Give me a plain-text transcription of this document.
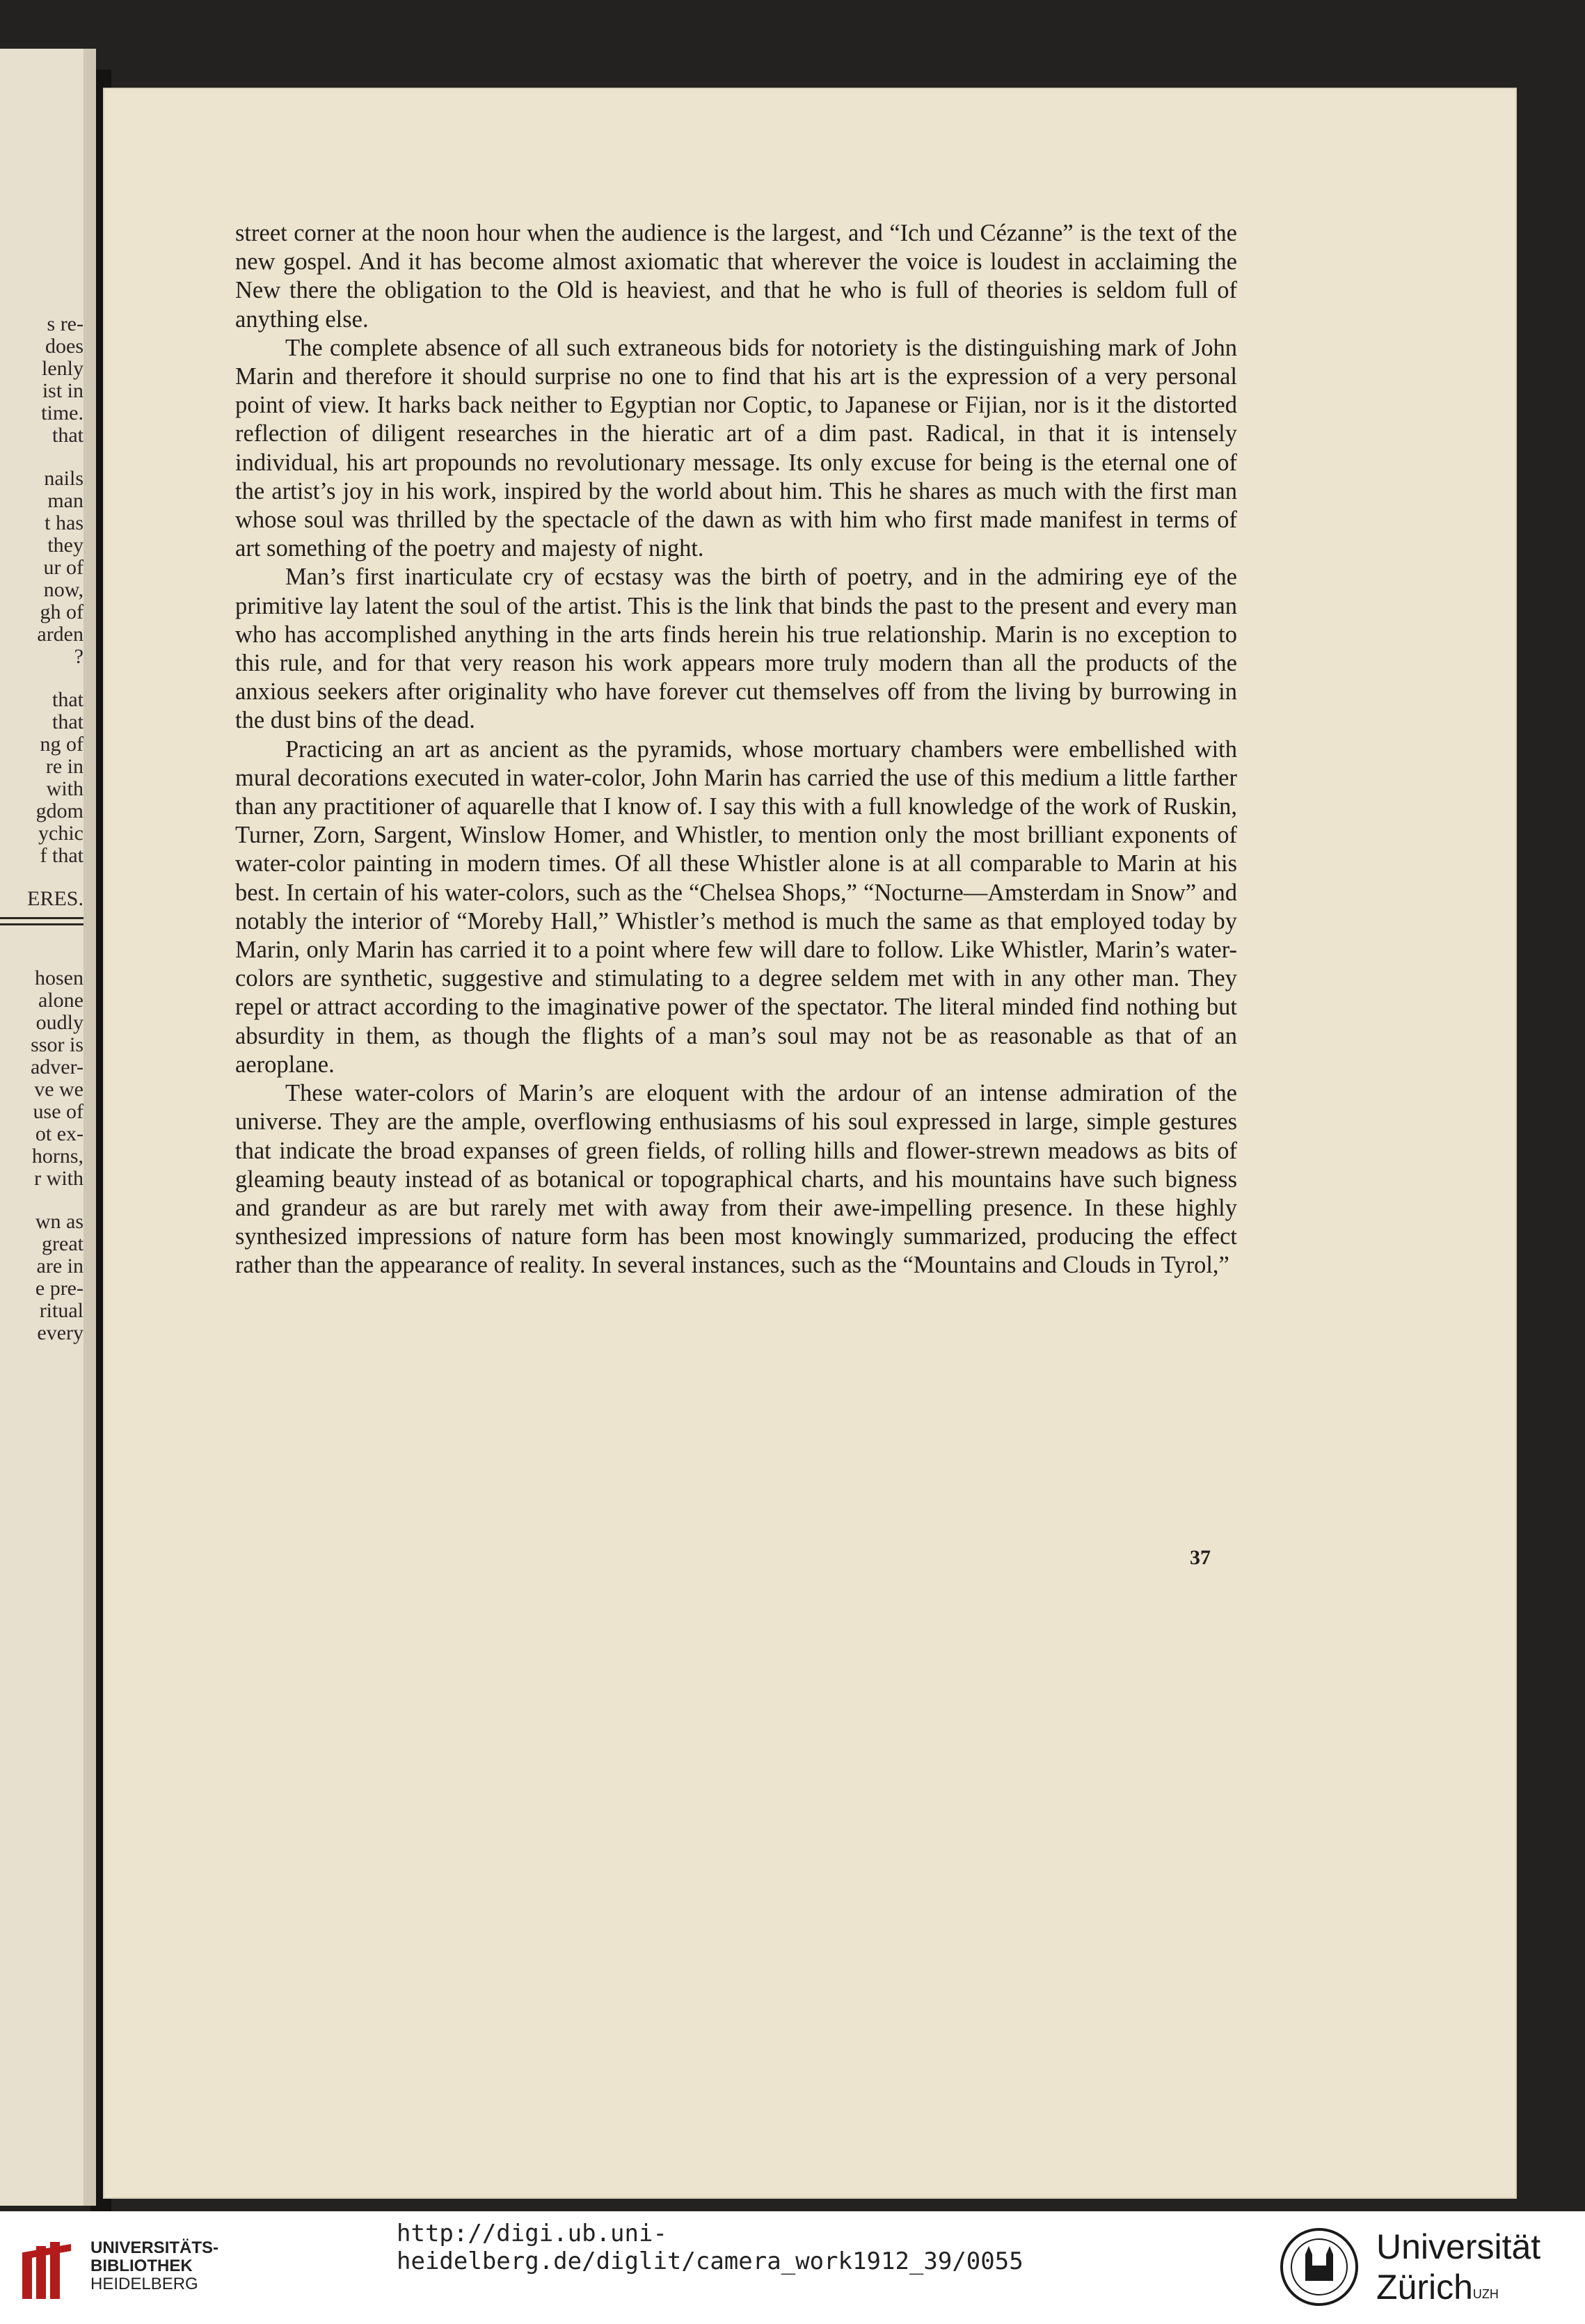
s re-
does
lenly
ist in
time.
that
nails
man
t has
they
ur of
now,
gh of
arden
?
that
that
ng of
re in
with
gdom
ychic
f that
ERES.
hosen
alone
oudly
ssor is
adver-
ve we
use of
ot ex-
horns,
r with
wn as
great
are in
e pre-
ritual
every

street corner at the noon hour when the audience is the largest, and “Ich und Cézanne” is the text of the new gospel. And it has become almost axiomatic that wherever the voice is loudest in acclaiming the New there the obligation to the Old is heaviest, and that he who is full of theories is seldom full of anything else.

The complete absence of all such extraneous bids for notoriety is the distinguishing mark of John Marin and therefore it should surprise no one to find that his art is the expression of a very personal point of view. It harks back neither to Egyptian nor Coptic, to Japanese or Fijian, nor is it the distorted reflection of diligent researches in the hieratic art of a dim past. Radical, in that it is intensely individual, his art propounds no revolutionary message. Its only excuse for being is the eternal one of the artist’s joy in his work, inspired by the world about him. This he shares as much with the first man whose soul was thrilled by the spectacle of the dawn as with him who first made manifest in terms of art something of the poetry and majesty of night.

Man’s first inarticulate cry of ecstasy was the birth of poetry, and in the admiring eye of the primitive lay latent the soul of the artist. This is the link that binds the past to the present and every man who has accomplished anything in the arts finds herein his true relationship. Marin is no exception to this rule, and for that very reason his work appears more truly modern than all the products of the anxious seekers after originality who have forever cut themselves off from the living by burrowing in the dust bins of the dead.

Practicing an art as ancient as the pyramids, whose mortuary chambers were embellished with mural decorations executed in water-color, John Marin has carried the use of this medium a little farther than any practitioner of aquarelle that I know of. I say this with a full knowledge of the work of Ruskin, Turner, Zorn, Sargent, Winslow Homer, and Whistler, to mention only the most brilliant exponents of water-color painting in modern times. Of all these Whistler alone is at all comparable to Marin at his best. In certain of his water-colors, such as the “Chelsea Shops,” “Nocturne—Amsterdam in Snow” and notably the interior of “Moreby Hall,” Whistler’s method is much the same as that employed today by Marin, only Marin has carried it to a point where few will dare to follow. Like Whistler, Marin’s water-colors are synthetic, suggestive and stimulating to a degree seldem met with in any other man. They repel or attract according to the imaginative power of the spectator. The literal minded find nothing but absurdity in them, as though the flights of a man’s soul may not be as reasonable as that of an aeroplane.

These water-colors of Marin’s are eloquent with the ardour of an intense admiration of the universe. They are the ample, overflowing enthusiasms of his soul expressed in large, simple gestures that indicate the broad expanses of green fields, of rolling hills and flower-strewn meadows as bits of gleaming beauty instead of as botanical or topographical charts, and his mountains have such bigness and grandeur as are but rarely met with away from their awe-impelling presence. In these highly synthesized impressions of nature form has been most knowingly summarized, producing the effect rather than the appearance of reality. In several instances, such as the “Mountains and Clouds in Tyrol,”

37
UNIVERSITÄTS-
BIBLIOTHEK
HEIDELBERG
http://digi.ub.uni-heidelberg.de/diglit/camera_work1912_39/0055	Universität
Zürich$^{UZH}$
